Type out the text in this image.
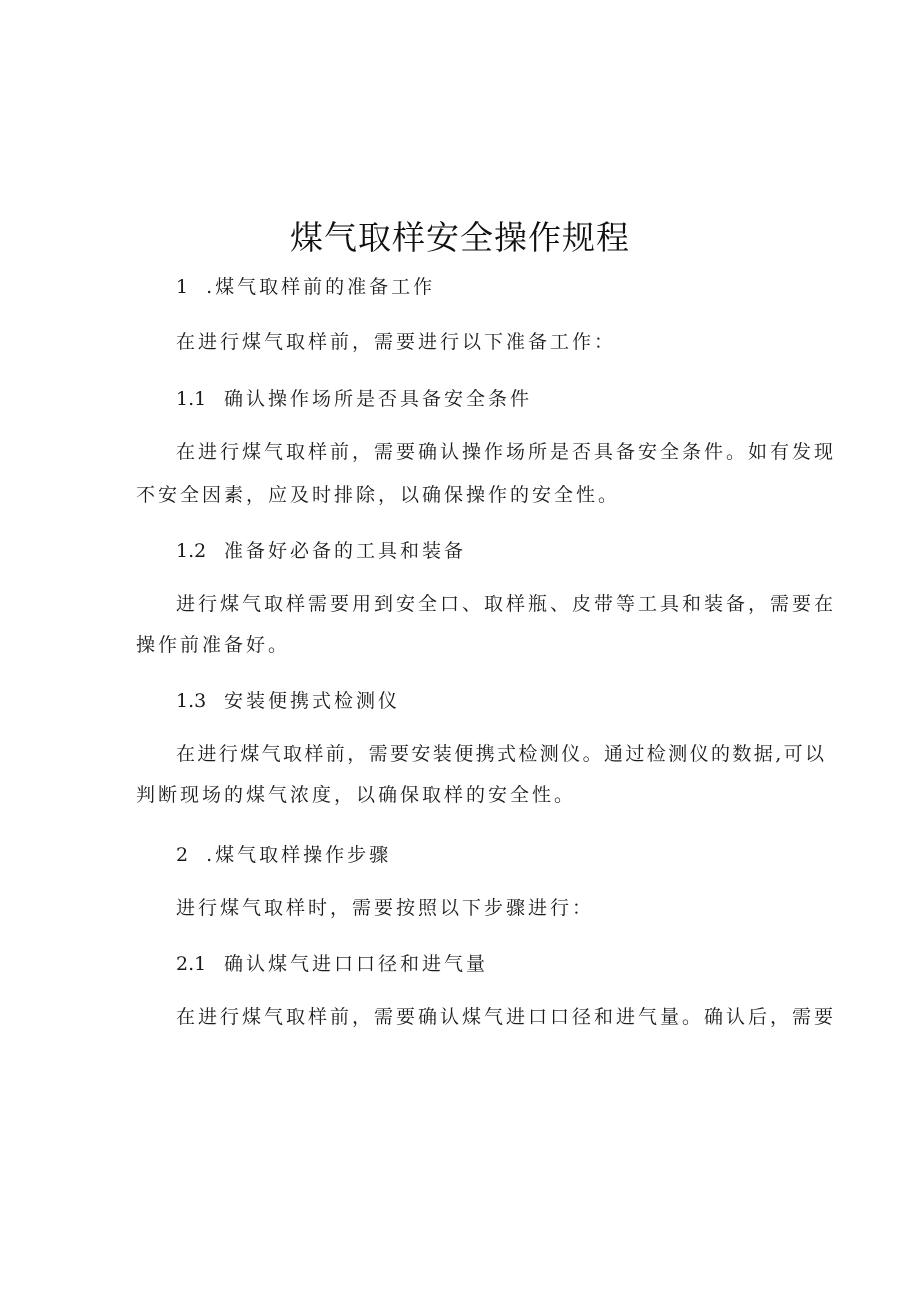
煤气取样安全操作规程
1 .煤气取样前的准备工作
在进行煤气取样前，需要进行以下准备工作：
1.1 确认操作场所是否具备安全条件
在进行煤气取样前，需要确认操作场所是否具备安全条件。如有发现
不安全因素，应及时排除，以确保操作的安全性。
1.2 准备好必备的工具和装备
进行煤气取样需要用到安全口、取样瓶、皮带等工具和装备，需要在
操作前准备好。
1.3 安装便携式检测仪
在进行煤气取样前，需要安装便携式检测仪。通过检测仪的数据,可以
判断现场的煤气浓度，以确保取样的安全性。
2 .煤气取样操作步骤
进行煤气取样时，需要按照以下步骤进行：
2.1 确认煤气进口口径和进气量
在进行煤气取样前，需要确认煤气进口口径和进气量。确认后，需要
